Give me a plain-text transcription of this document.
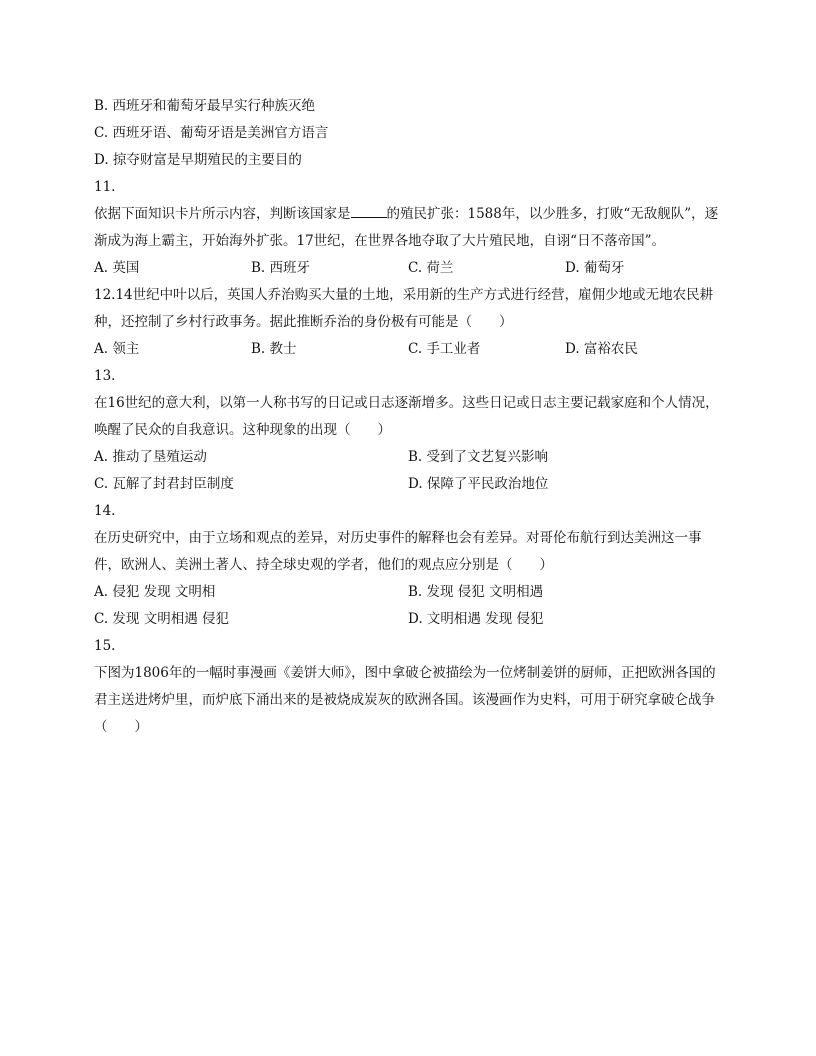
B. 西班牙和葡萄牙最早实行种族灭绝
C. 西班牙语、葡萄牙语是美洲官方语言
D. 掠夺财富是早期殖民的主要目的
11.
依据下面知识卡片所示内容，判断该国家是	的殖民扩张：1588年，以少胜多，打败“无敌舰队”，逐渐成为海上霸主，开始海外扩张。17世纪，在世界各地夺取了大片殖民地，自诩“日不落帝国”。
A. 英国	B. 西班牙	C. 荷兰	D. 葡萄牙
12.14世纪中叶以后，英国人乔治购买大量的土地，采用新的生产方式进行经营，雇佣少地或无地农民耕种，还控制了乡村行政事务。据此推断乔治的身份极有可能是（　　）
A. 领主	B. 教士	C. 手工业者	D. 富裕农民
13.
在16世纪的意大利，以第一人称书写的日记或日志逐渐增多。这些日记或日志主要记载家庭和个人情况，唤醒了民众的自我意识。这种现象的出现（　　）
A. 推动了垦殖运动	B. 受到了文艺复兴影响
C. 瓦解了封君封臣制度	D. 保障了平民政治地位
14.
在历史研究中，由于立场和观点的差异，对历史事件的解释也会有差异。对哥伦布航行到达美洲这一事件，欧洲人、美洲土著人、持全球史观的学者，他们的观点应分别是（　　）
A. 侵犯 发现 文明相	B. 发现 侵犯 文明相遇
C. 发现 文明相遇 侵犯	D. 文明相遇 发现 侵犯
15.
下图为1806年的一幅时事漫画《姜饼大师》，图中拿破仑被描绘为一位烤制姜饼的厨师，正把欧洲各国的君主送进烤炉里，而炉底下涌出来的是被烧成炭灰的欧洲各国。该漫画作为史料，可用于研究拿破仑战争（　　）
